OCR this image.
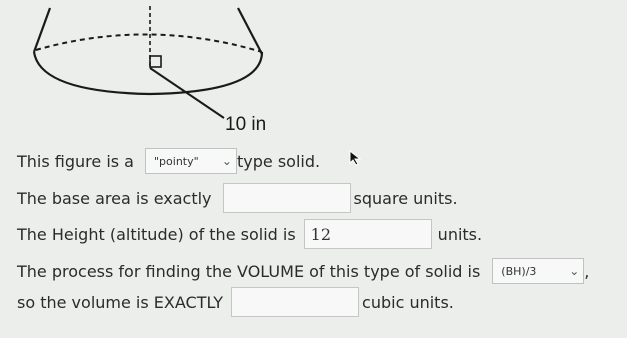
10 in
This figure is a "pointy" ⌄ type solid.
The base area is exactly	square units.
The Height (altitude) of the solid is 12	units.
The process for finding the VOLUME of this type of solid is (BH)/3	⌄ ,
so the volume is EXACTLY	cubic units.
